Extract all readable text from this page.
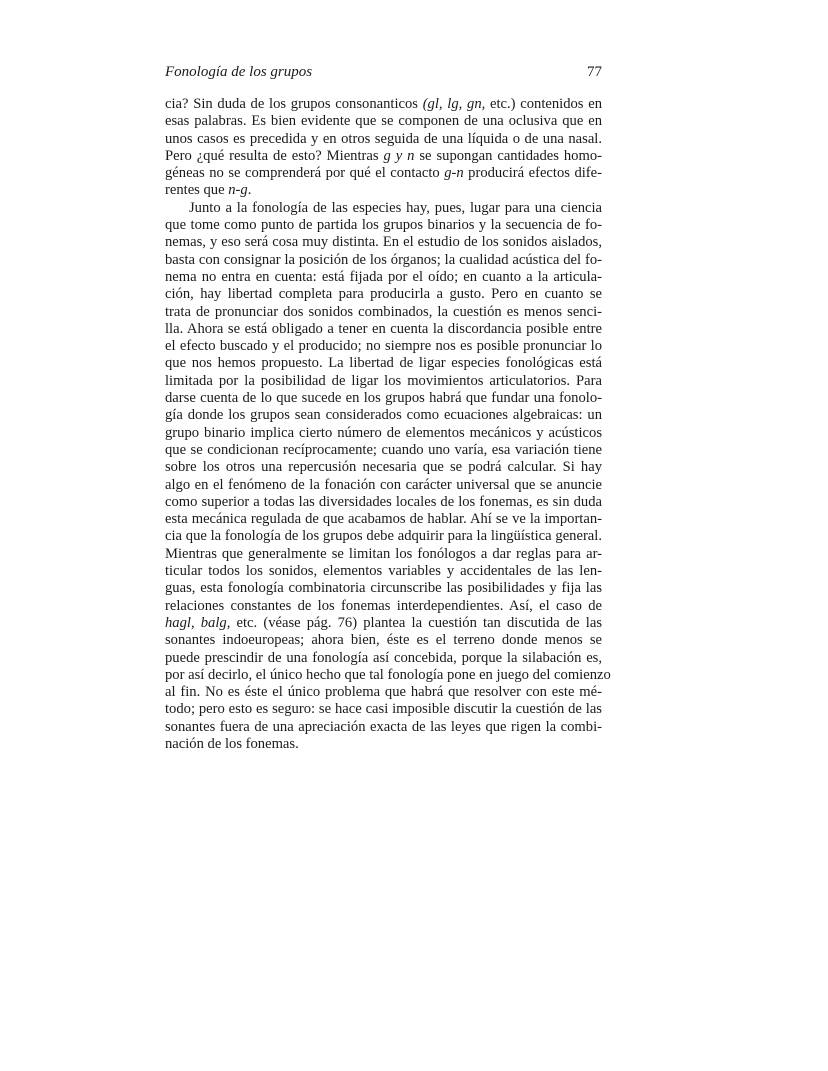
Fonología de los grupos	77
cia? Sin duda de los grupos consonanticos (gl, lg, gn, etc.) contenidos en
esas palabras. Es bien evidente que se componen de una oclusiva que en
unos casos es precedida y en otros seguida de una líquida o de una nasal.
Pero ¿qué resulta de esto? Mientras g y n se supongan cantidades homo-
géneas no se comprenderá por qué el contacto g-n producirá efectos dife-
rentes que n-g.
Junto a la fonología de las especies hay, pues, lugar para una ciencia
que tome como punto de partida los grupos binarios y la secuencia de fo-
nemas, y eso será cosa muy distinta. En el estudio de los sonidos aislados,
basta con consignar la posición de los órganos; la cualidad acústica del fo-
nema no entra en cuenta: está fijada por el oído; en cuanto a la articula-
ción, hay libertad completa para producirla a gusto. Pero en cuanto se
trata de pronunciar dos sonidos combinados, la cuestión es menos senci-
lla. Ahora se está obligado a tener en cuenta la discordancia posible entre
el efecto buscado y el producido; no siempre nos es posible pronunciar lo
que nos hemos propuesto. La libertad de ligar especies fonológicas está
limitada por la posibilidad de ligar los movimientos articulatorios. Para
darse cuenta de lo que sucede en los grupos habrá que fundar una fonolo-
gía donde los grupos sean considerados como ecuaciones algebraicas: un
grupo binario implica cierto número de elementos mecánicos y acústicos
que se condicionan recíprocamente; cuando uno varía, esa variación tiene
sobre los otros una repercusión necesaria que se podrá calcular. Si hay
algo en el fenómeno de la fonación con carácter universal que se anuncie
como superior a todas las diversidades locales de los fonemas, es sin duda
esta mecánica regulada de que acabamos de hablar. Ahí se ve la importan-
cia que la fonología de los grupos debe adquirir para la lingüística general.
Mientras que generalmente se limitan los fonólogos a dar reglas para ar-
ticular todos los sonidos, elementos variables y accidentales de las len-
guas, esta fonología combinatoria circunscribe las posibilidades y fija las
relaciones constantes de los fonemas interdependientes. Así, el caso de
hagl, balg, etc. (véase pág. 76) plantea la cuestión tan discutida de las
sonantes indoeuropeas; ahora bien, éste es el terreno donde menos se
puede prescindir de una fonología así concebida, porque la silabación es,
por así decirlo, el único hecho que tal fonología pone en juego del comienzo
al fin. No es éste el único problema que habrá que resolver con este mé-
todo; pero esto es seguro: se hace casi imposible discutir la cuestión de las
sonantes fuera de una apreciación exacta de las leyes que rigen la combi-
nación de los fonemas.
